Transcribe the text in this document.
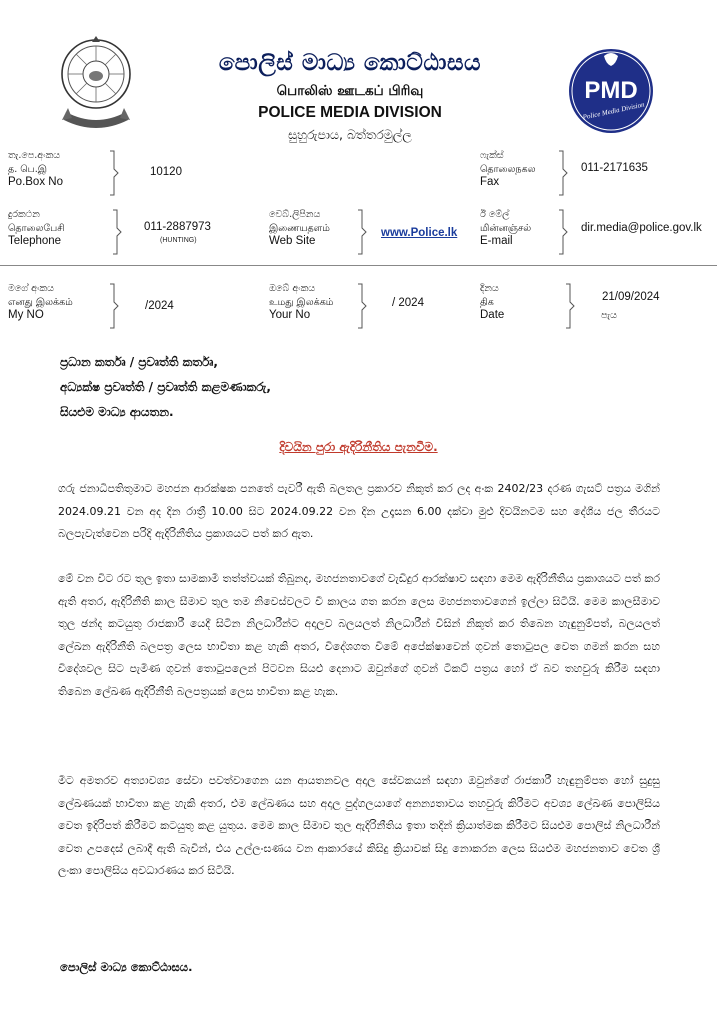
පොලිස් මාධ්‍ය කොට්ඨාසය
பொலிஸ் ஊடகப் பிரிவு
POLICE MEDIA DIVISION
සුහුරුපාය, බත්තරමුල්ල
PMD
Police Media Division
තැ.පෙ.අංකය
த. பெ.இ
Po.Box No
10120
ෆැක්ස්
தொலைநகல
Fax
011-2171635
දුරකථන
தொலைபேசி
Telephone
011-2887973
(HUNTING)
වෙබ්.ලිපිනය
இணையதளம்
Web Site
www.Police.lk
ඊ මේල්
மின்னஞ்சல்
E-mail
dir.media@police.gov.lk
මගේ අංකය
எனது இலக்கம்
My NO
/2024
ඔබේ අංකය
உமது இலக்கம்
Your No
/ 2024
දිනය
திக
Date
21/09/2024
පැය
ප්‍රධාන කර්තෘ / ප්‍රවෘත්ති කර්තෘ,
අධ්‍යක්ෂ ප්‍රවෘත්ති / ප්‍රවෘත්ති කළමණාකරු,
සියළුම මාධ්‍ය ආයතන.
දිවයින පුරා ඇදිරිනීතිය පැනවීම.
ගරු ජනාධිපතිතුමාට මහජන ආරක්ෂක පනතේ පැවරී ඇති බලතල ප්‍රකාරව නිකුත් කර ලද අංක 2402/23 දරණ ගැසට් පත්‍රය මගින් 2024.09.21 වන අද දින රාත්‍රී 10.00 සිට 2024.09.22 වන දින උදෑසන 6.00 දක්වා මුළු දිවයිනටම සහ දේශීය ජල තීරයට බලපැවැත්වෙන පරිදි ඇදිරිනීතිය ප්‍රකාශයට පත් කර ඇත.
මේ වන විට රට තුල ඉතා සාමකාමී තත්ත්වයක් තිබුනද, මහජනතාවගේ වැඩිදුර ආරක්ෂාව සඳහා මෙම ඇදිරිනීතිය ප්‍රකාශයට පත් කර ඇති අතර, ඇදිරිනීති කාල සීමාව තුල තම නිවෙස්වලට වී කාලය ගත කරන ලෙස මහජනතාවගෙන් ඉල්ලා සිටියි. මෙම කාලසීමාව තුල ඡන්ද කටයුතු රාජකාරී යෙදී සිටින නිලධාරීන්ට අදාලව බලයලත් නිලධාරීන් විසින් නිකුත් කර තිබෙන හැඳුනුම්පත්, බලයලත් ලේඛන ඇදිරිනීති බලපත්‍ර ලෙස භාවිතා කළ හැකි අතර, විදේශගත වීමේ අපේක්ෂාවෙන් ගුවන් තොටුපල වෙත ගමන් කරන සහ විදේශවල සිට පැමිණ ගුවන් තොටුපලෙන් පිටවන සියළු දෙනාට ඔවුන්ගේ ගුවන් ටිකට් පත්‍රය හෝ ඒ බව තහවුරු කිරීම සඳහා තිබෙන ලේඛණ ඇදිරිනීති බලපත්‍රයක් ලෙස භාවිතා කළ හැක.
මීට අමතරව අත්‍යාවශ්‍ය සේවා පවත්වාගෙන යන ආයතනවල අදාල සේවකයන් සඳහා ඔවුන්ගේ රාජකාරී හැඳුනුම්පත හෝ සුදුසු ලේඛණයක් භාවිතා කළ හැකි අතර, එම ලේඛණය සහ අදාල පුද්ගලයාගේ අනන්‍යතාවය තහවුරු කිරීමට අවශ්‍ය ලේඛණ පොලිසිය වෙත ඉදිරිපත් කිරීමට කටයුතු කළ යුතුය. මෙම කාල සීමාව තුල ඇදිරිනීතිය ඉතා තදින් ක්‍රියාත්මක කිරීමට සියළුම පොලිස් නිලධාරීන් වෙත උපදෙස් ලබාදී ඇති බැවින්, එය උල්ලංඝණය වන ආකාරයේ කිසිදු ක්‍රියාවක් සිදු නොකරන ලෙස සියළුම මහජනතාව වෙත ශ්‍රී ලංකා පොලිසිය අවධාරණය කර සිටියි.
පොලිස් මාධ්‍ය කොට්ඨාසය.
